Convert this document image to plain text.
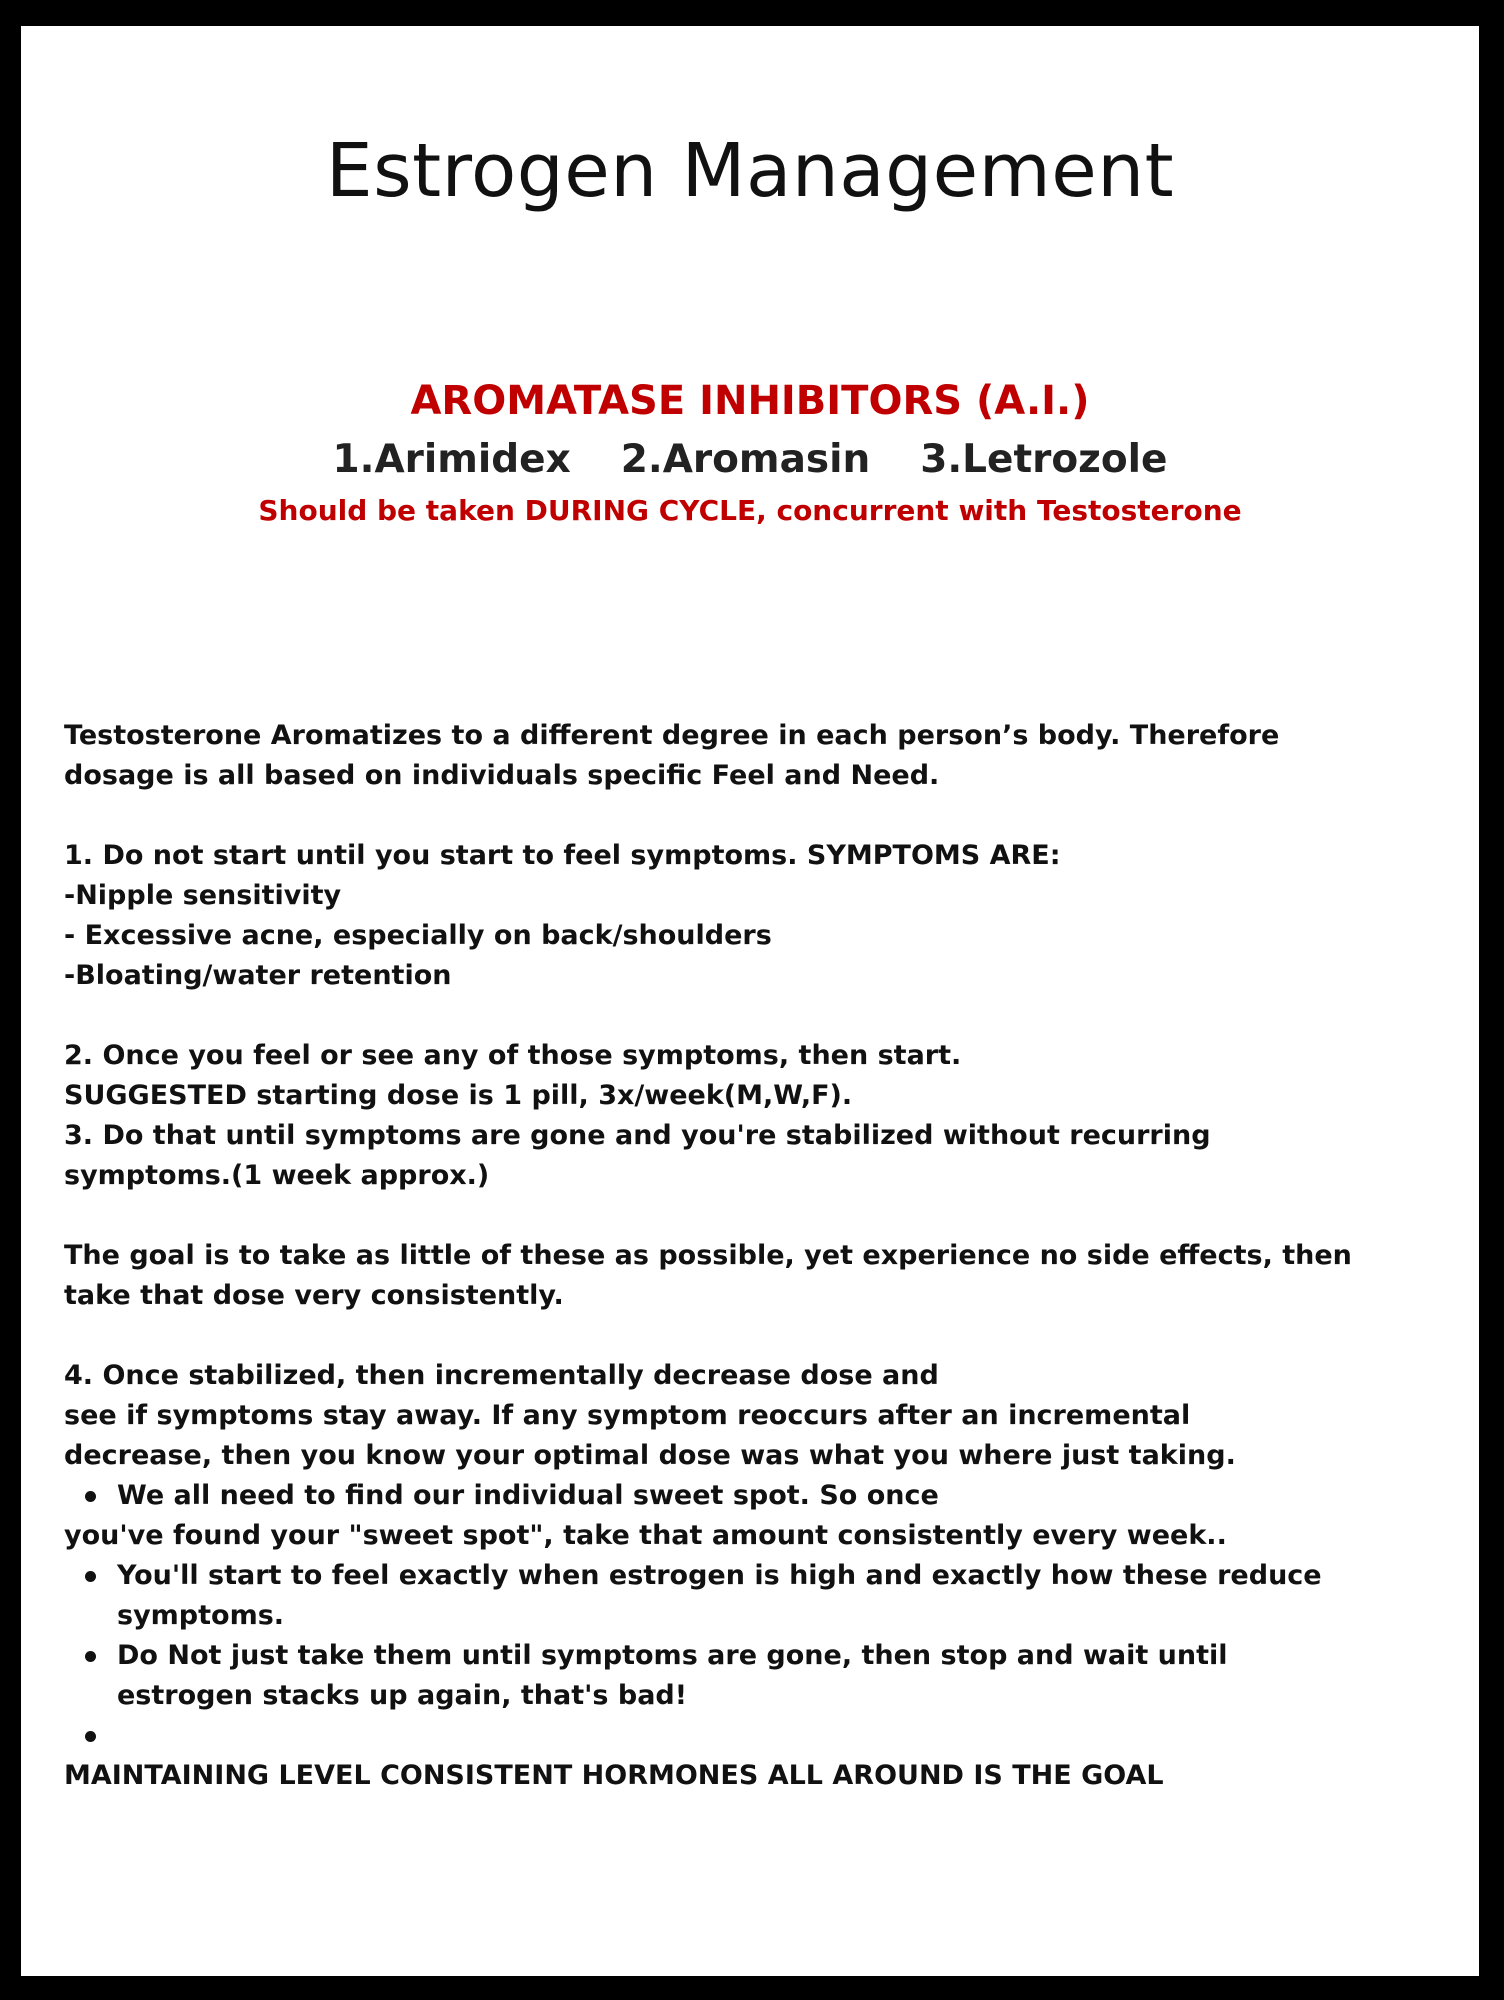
Estrogen Management
AROMATASE INHIBITORS (A.I.)
1.Arimidex 2.Aromasin 3.Letrozole
Should be taken DURING CYCLE, concurrent with Testosterone
Testosterone Aromatizes to a different degree in each person’s body. Therefore
dosage is all based on individuals specific Feel and Need.
1. Do not start until you start to feel symptoms. SYMPTOMS ARE:
-Nipple sensitivity
- Excessive acne, especially on back/shoulders
-Bloating/water retention
2. Once you feel or see any of those symptoms, then start.
SUGGESTED starting dose is 1 pill, 3x/week(M,W,F).
3. Do that until symptoms are gone and you're stabilized without recurring
symptoms.(1 week approx.)
The goal is to take as little of these as possible, yet experience no side effects, then
take that dose very consistently.
4. Once stabilized, then incrementally decrease dose and
see if symptoms stay away. If any symptom reoccurs after an incremental
decrease, then you know your optimal dose was what you where just taking.
We all need to find our individual sweet spot. So once
you've found your "sweet spot", take that amount consistently every week..
You'll start to feel exactly when estrogen is high and exactly how these reduce
symptoms.
Do Not just take them until symptoms are gone, then stop and wait until
estrogen stacks up again, that's bad!
MAINTAINING LEVEL CONSISTENT HORMONES ALL AROUND IS THE GOAL
